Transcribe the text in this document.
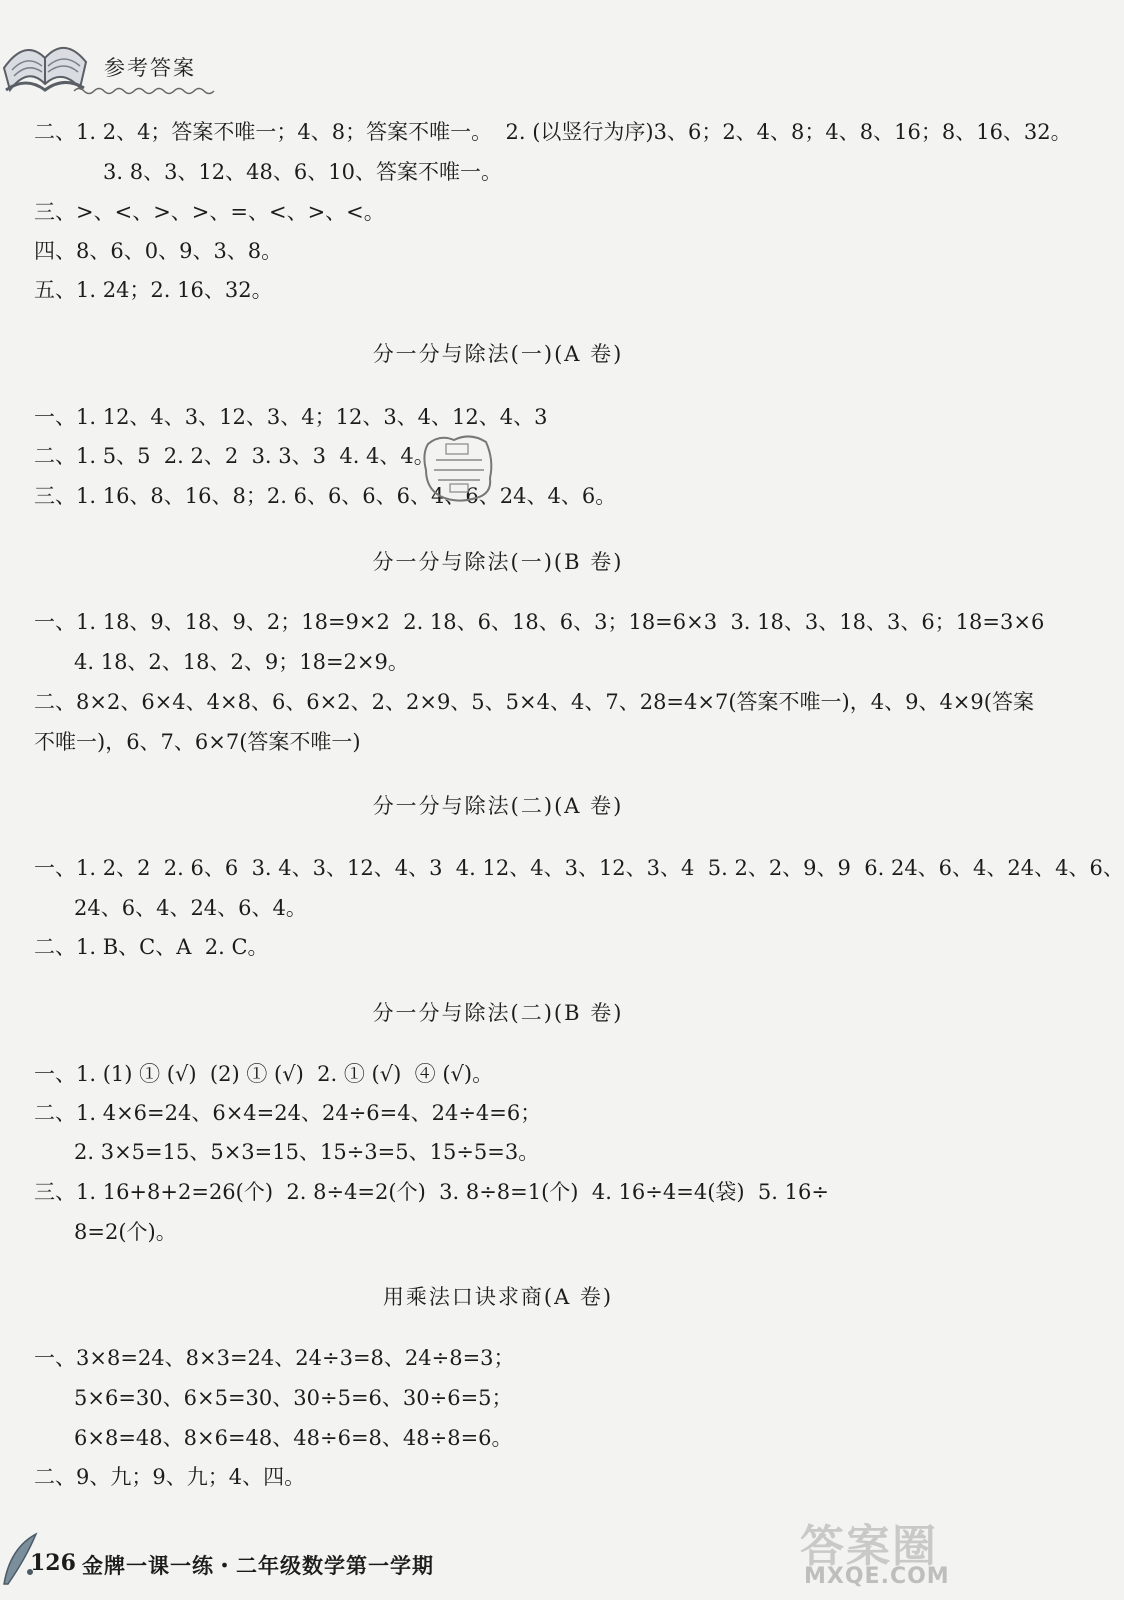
参考答案
二、1. 2、4；答案不唯一；4、8；答案不唯一。  2. (以竖行为序)3、6；2、4、8；4、8、16；8、16、32。
3. 8、3、12、48、6、10、答案不唯一。
三、>、<、>、>、=、<、>、<。
四、8、6、0、9、3、8。
五、1. 24；2. 16、32。
分一分与除法(一)(A 卷)
一、1. 12、4、3、12、3、4；12、3、4、12、4、3
二、1. 5、5  2. 2、2  3. 3、3  4. 4、4。
三、1. 16、8、16、8；2. 6、6、6、6、4、6、24、4、6。
分一分与除法(一)(B 卷)
一、1. 18、9、18、9、2；18=9×2  2. 18、6、18、6、3；18=6×3  3. 18、3、18、3、6；18=3×6
4. 18、2、18、2、9；18=2×9。
二、8×2、6×4、4×8、6、6×2、2、2×9、5、5×4、4、7、28=4×7(答案不唯一)，4、9、4×9(答案
不唯一)，6、7、6×7(答案不唯一)
分一分与除法(二)(A 卷)
一、1. 2、2  2. 6、6  3. 4、3、12、4、3  4. 12、4、3、12、3、4  5. 2、2、9、9  6. 24、6、4、24、4、6、
24、6、4、24、6、4。
二、1. B、C、A  2. C。
分一分与除法(二)(B 卷)
一、1. (1) ① (√)  (2) ① (√)  2. ① (√)  ④ (√)。
二、1. 4×6=24、6×4=24、24÷6=4、24÷4=6；
2. 3×5=15、5×3=15、15÷3=5、15÷5=3。
三、1. 16+8+2=26(个)  2. 8÷4=2(个)  3. 8÷8=1(个)  4. 16÷4=4(袋)  5. 16÷
8=2(个)。
用乘法口诀求商(A 卷)
一、3×8=24、8×3=24、24÷3=8、24÷8=3；
5×6=30、6×5=30、30÷5=6、30÷6=5；
6×8=48、8×6=48、48÷6=8、48÷8=6。
二、9、九；9、九；4、四。
126 金牌一课一练・二年级数学第一学期	答案圈
MXQE.COM
